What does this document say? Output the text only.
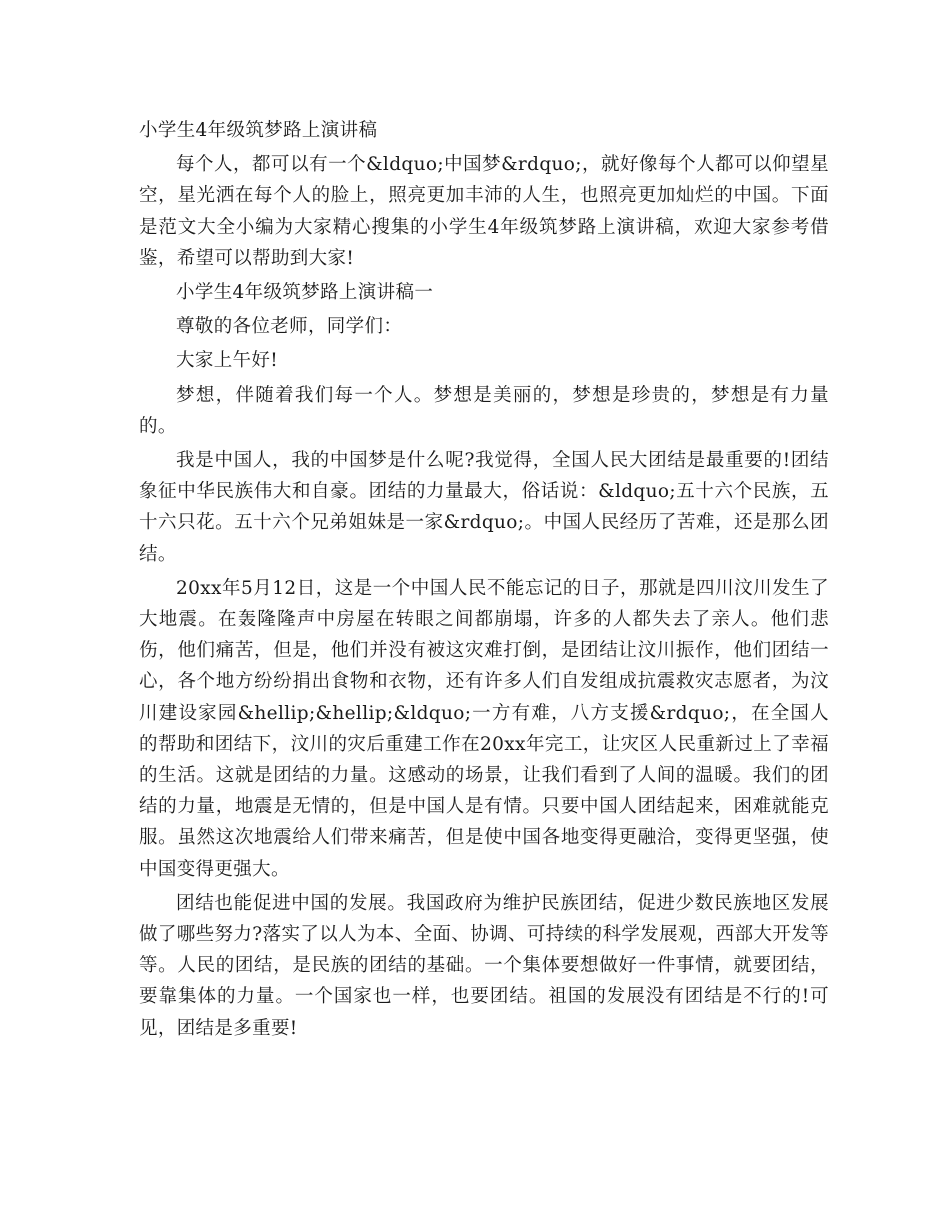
小学生4年级筑梦路上演讲稿

每个人，都可以有一个&ldquo;中国梦&rdquo;，就好像每个人都可以仰望星空，星光洒在每个人的脸上，照亮更加丰沛的人生，也照亮更加灿烂的中国。下面是范文大全小编为大家精心搜集的小学生4年级筑梦路上演讲稿，欢迎大家参考借鉴，希望可以帮助到大家!

小学生4年级筑梦路上演讲稿一

尊敬的各位老师，同学们：

大家上午好!

梦想，伴随着我们每一个人。梦想是美丽的，梦想是珍贵的，梦想是有力量的。

我是中国人，我的中国梦是什么呢?我觉得，全国人民大团结是最重要的!团结象征中华民族伟大和自豪。团结的力量最大，俗话说：&ldquo;五十六个民族，五十六只花。五十六个兄弟姐妹是一家&rdquo;。中国人民经历了苦难，还是那么团结。

20xx年5月12日，这是一个中国人民不能忘记的日子，那就是四川汶川发生了大地震。在轰隆隆声中房屋在转眼之间都崩塌，许多的人都失去了亲人。他们悲伤，他们痛苦，但是，他们并没有被这灾难打倒，是团结让汶川振作，他们团结一心，各个地方纷纷捐出食物和衣物，还有许多人们自发组成抗震救灾志愿者，为汶川建设家园&hellip;&hellip;&ldquo;一方有难，八方支援&rdquo;，在全国人的帮助和团结下，汶川的灾后重建工作在20xx年完工，让灾区人民重新过上了幸福的生活。这就是团结的力量。这感动的场景，让我们看到了人间的温暖。我们的团结的力量，地震是无情的，但是中国人是有情。只要中国人团结起来，困难就能克服。虽然这次地震给人们带来痛苦，但是使中国各地变得更融洽，变得更坚强，使中国变得更强大。

团结也能促进中国的发展。我国政府为维护民族团结，促进少数民族地区发展做了哪些努力?落实了以人为本、全面、协调、可持续的科学发展观，西部大开发等等。人民的团结，是民族的团结的基础。一个集体要想做好一件事情，就要团结，要靠集体的力量。一个国家也一样，也要团结。祖国的发展没有团结是不行的!可见，团结是多重要!
